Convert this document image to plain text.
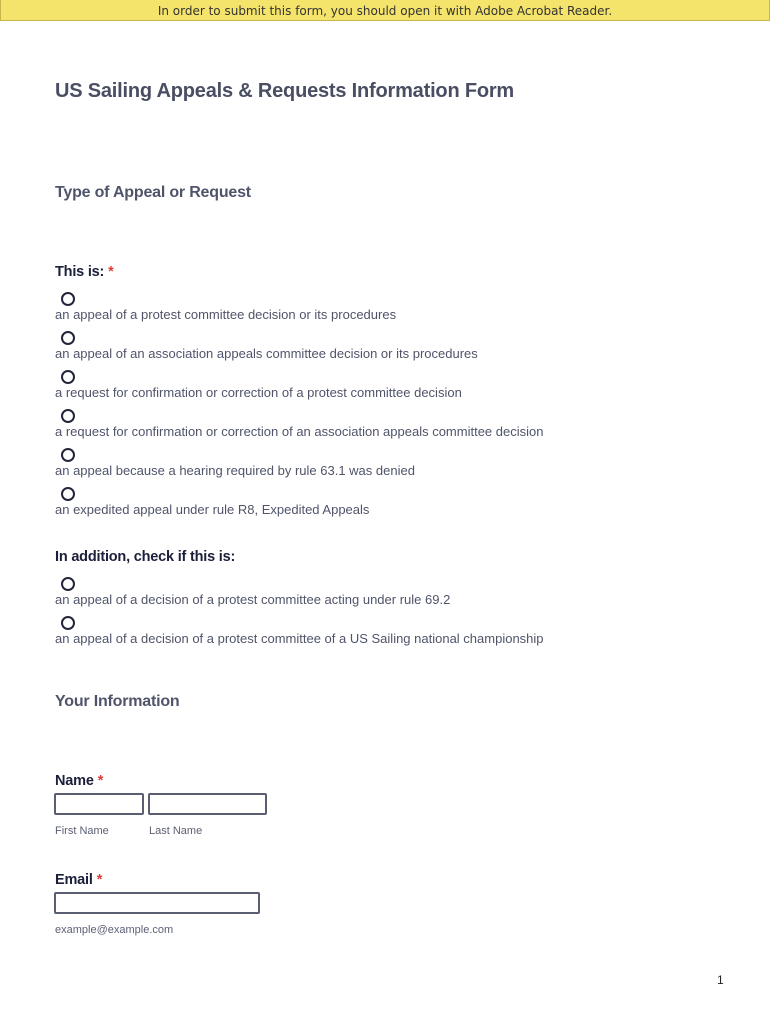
In order to submit this form, you should open it with Adobe Acrobat Reader.
US Sailing Appeals & Requests Information Form
Type of Appeal or Request
This is: *
an appeal of a protest committee decision or its procedures
an appeal of an association appeals committee decision or its procedures
a request for confirmation or correction of a protest committee decision
a request for confirmation or correction of an association appeals committee decision
an appeal because a hearing required by rule 63.1 was denied
an expedited appeal under rule R8, Expedited Appeals
In addition, check if this is:
an appeal of a decision of a protest committee acting under rule 69.2
an appeal of a decision of a protest committee of a US Sailing national championship
Your Information
Name *
First Name	Last Name
Email *
example@example.com
1
